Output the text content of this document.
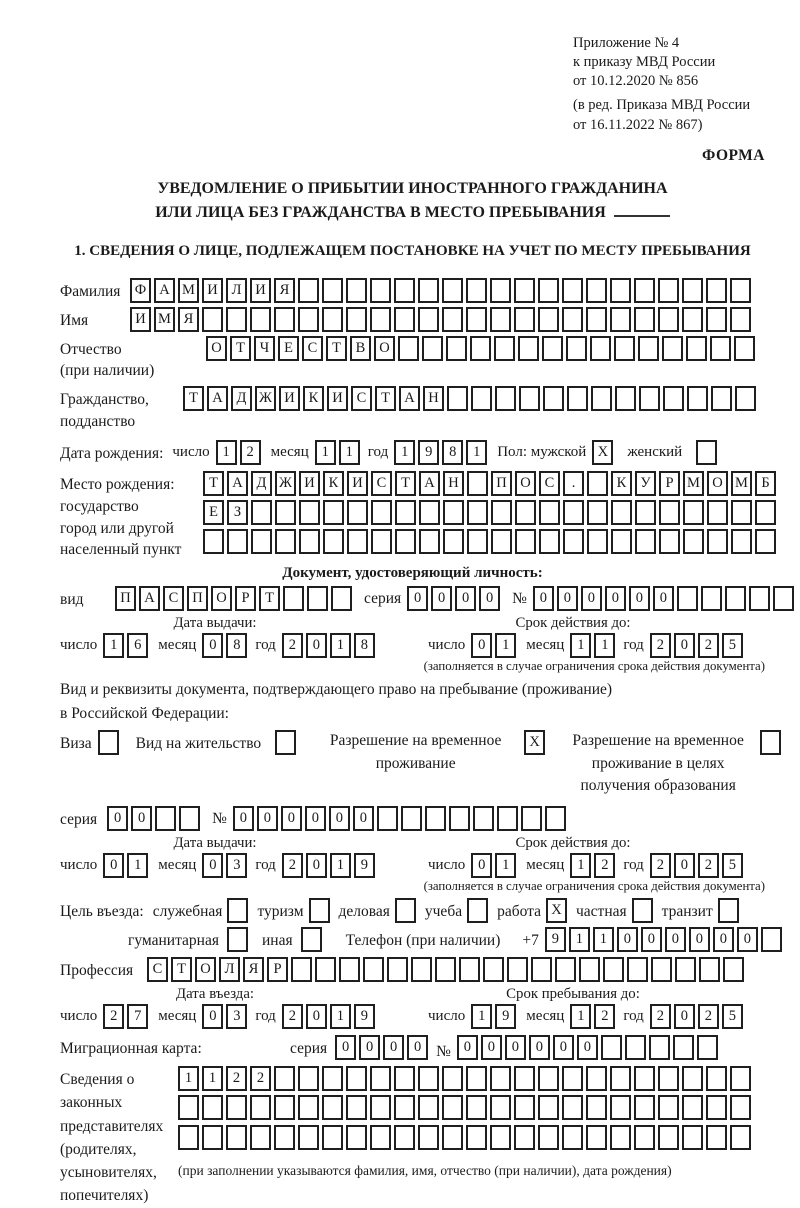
Приложение № 4
к приказу МВД России
от 10.12.2020 № 856
(в ред. Приказа МВД России
от 16.11.2022 № 867)
ФОРМА
УВЕДОМЛЕНИЕ О ПРИБЫТИИ ИНОСТРАННОГО ГРАЖДАНИНА
ИЛИ ЛИЦА БЕЗ ГРАЖДАНСТВА В МЕСТО ПРЕБЫВАНИЯ
1. СВЕДЕНИЯ О ЛИЦЕ, ПОДЛЕЖАЩЕМ ПОСТАНОВКЕ НА УЧЕТ ПО МЕСТУ ПРЕБЫВАНИЯ
Фамилия Ф А М И Л И Я
Имя	И М Я
Отчество
(при наличии)
О Т	Ч	Е	С	Т	В О
Гражданство,
подданство
Т А Д Ж И К И С	Т А Н
Дата рождения: число 1	2	месяц 1	1 год 1	9	8	1	Пол: мужской X	женский
Место рождения:
государство
город или другой
населенный пункт
Т А Д Ж И К И С	Т А Н	П О С	.	К У	Р М О М Б
Е	З
Документ, удостоверяющий личность:
вид	П А С П О	Р	Т	серия 0	0	0	0	№ 0	0	0	0	0	0
Дата выдачи:
число 1	6	месяц 0	8 год 2	0	1	8
Срок действия до:
число 0	1	месяц 1	1 год 2	0	2	5
(заполняется в случае ограничения срока действия документа)
Вид и реквизиты документа, подтверждающего право на пребывание (проживание)
в Российской Федерации:
Виза	Вид на жительство	Разрешение на временное проживание
X	Разрешение на временное проживание в целях получения образования
серия	0	0	№ 0	0	0	0	0	0
Дата выдачи:
число 0	1	месяц 0	3 год 2	0	1	9
Срок действия до:
число 0	1	месяц 1	2 год 2	0	2	5
(заполняется в случае ограничения срока действия документа)
Цель въезда: служебная туризм деловая учеба работа X частная транзит
гуманитарная	иная	Телефон (при наличии) +7 9	1	1	0	0	0	0	0	0
Профессия	С	Т О Л Я	Р
Дата въезда:
число 2	7	месяц 0	3 год 2	0	1	9
Срок пребывания до:
число 1	9	месяц 1	2 год 2	0	2	5
Миграционная карта:	серия	0	0	0	0 № 0	0	0	0	0	0
Сведения о
законных
представителях
(родителях,
усыновителях,
попечителях)
1	1	2	2

(при заполнении указываются фамилия, имя, отчество (при наличии), дата рождения)
